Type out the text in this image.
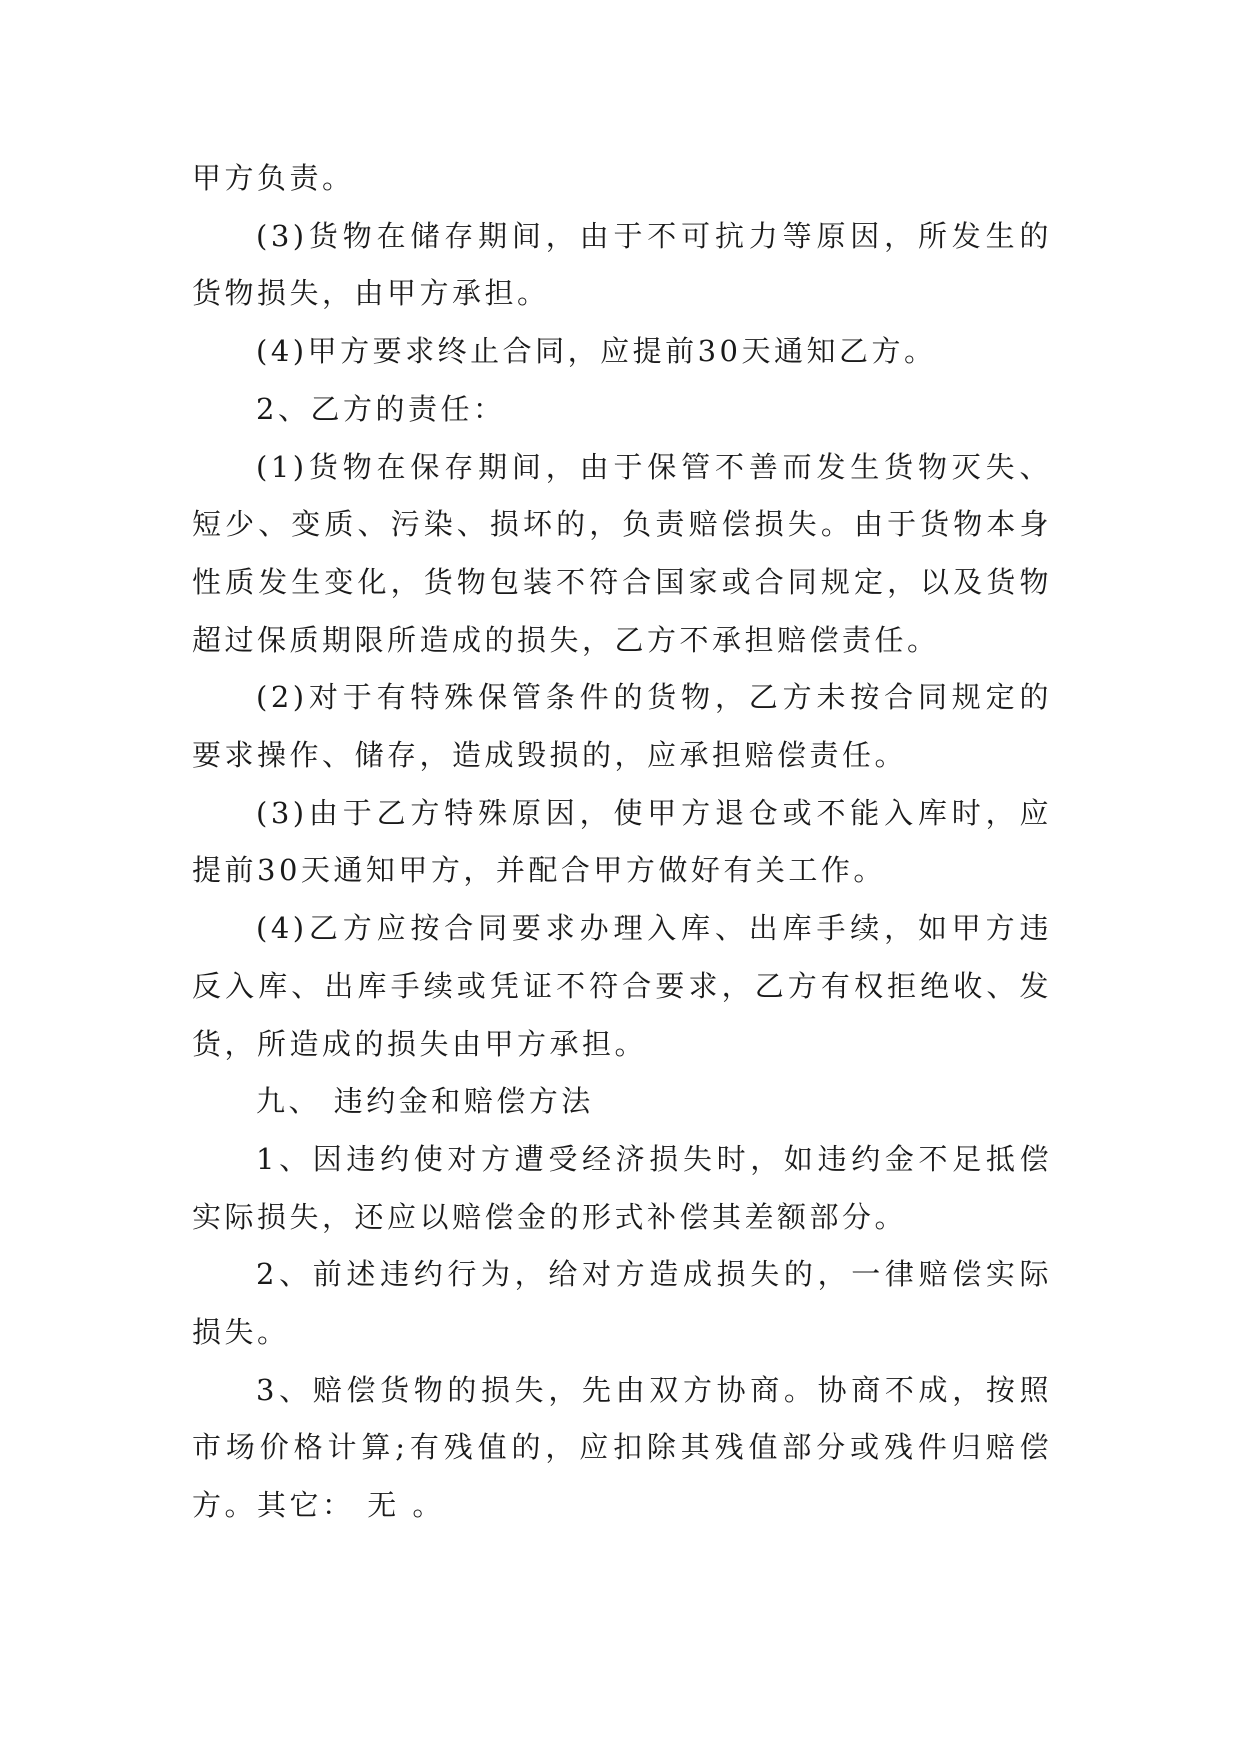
甲方负责。

(3)货物在储存期间，由于不可抗力等原因，所发生的货物损失，由甲方承担。

(4)甲方要求终止合同，应提前30天通知乙方。

2、乙方的责任：

(1)货物在保存期间，由于保管不善而发生货物灭失、短少、变质、污染、损坏的，负责赔偿损失。由于货物本身性质发生变化，货物包装不符合国家或合同规定，以及货物超过保质期限所造成的损失，乙方不承担赔偿责任。

(2)对于有特殊保管条件的货物，乙方未按合同规定的要求操作、储存，造成毁损的，应承担赔偿责任。

(3)由于乙方特殊原因，使甲方退仓或不能入库时，应提前30天通知甲方，并配合甲方做好有关工作。

(4)乙方应按合同要求办理入库、出库手续，如甲方违反入库、出库手续或凭证不符合要求，乙方有权拒绝收、发货，所造成的损失由甲方承担。

九、 违约金和赔偿方法

1、因违约使对方遭受经济损失时，如违约金不足抵偿实际损失，还应以赔偿金的形式补偿其差额部分。

2、前述违约行为，给对方造成损失的，一律赔偿实际损失。

3、赔偿货物的损失，先由双方协商。协商不成，按照市场价格计算;有残值的，应扣除其残值部分或残件归赔偿方。其它： 无 。
